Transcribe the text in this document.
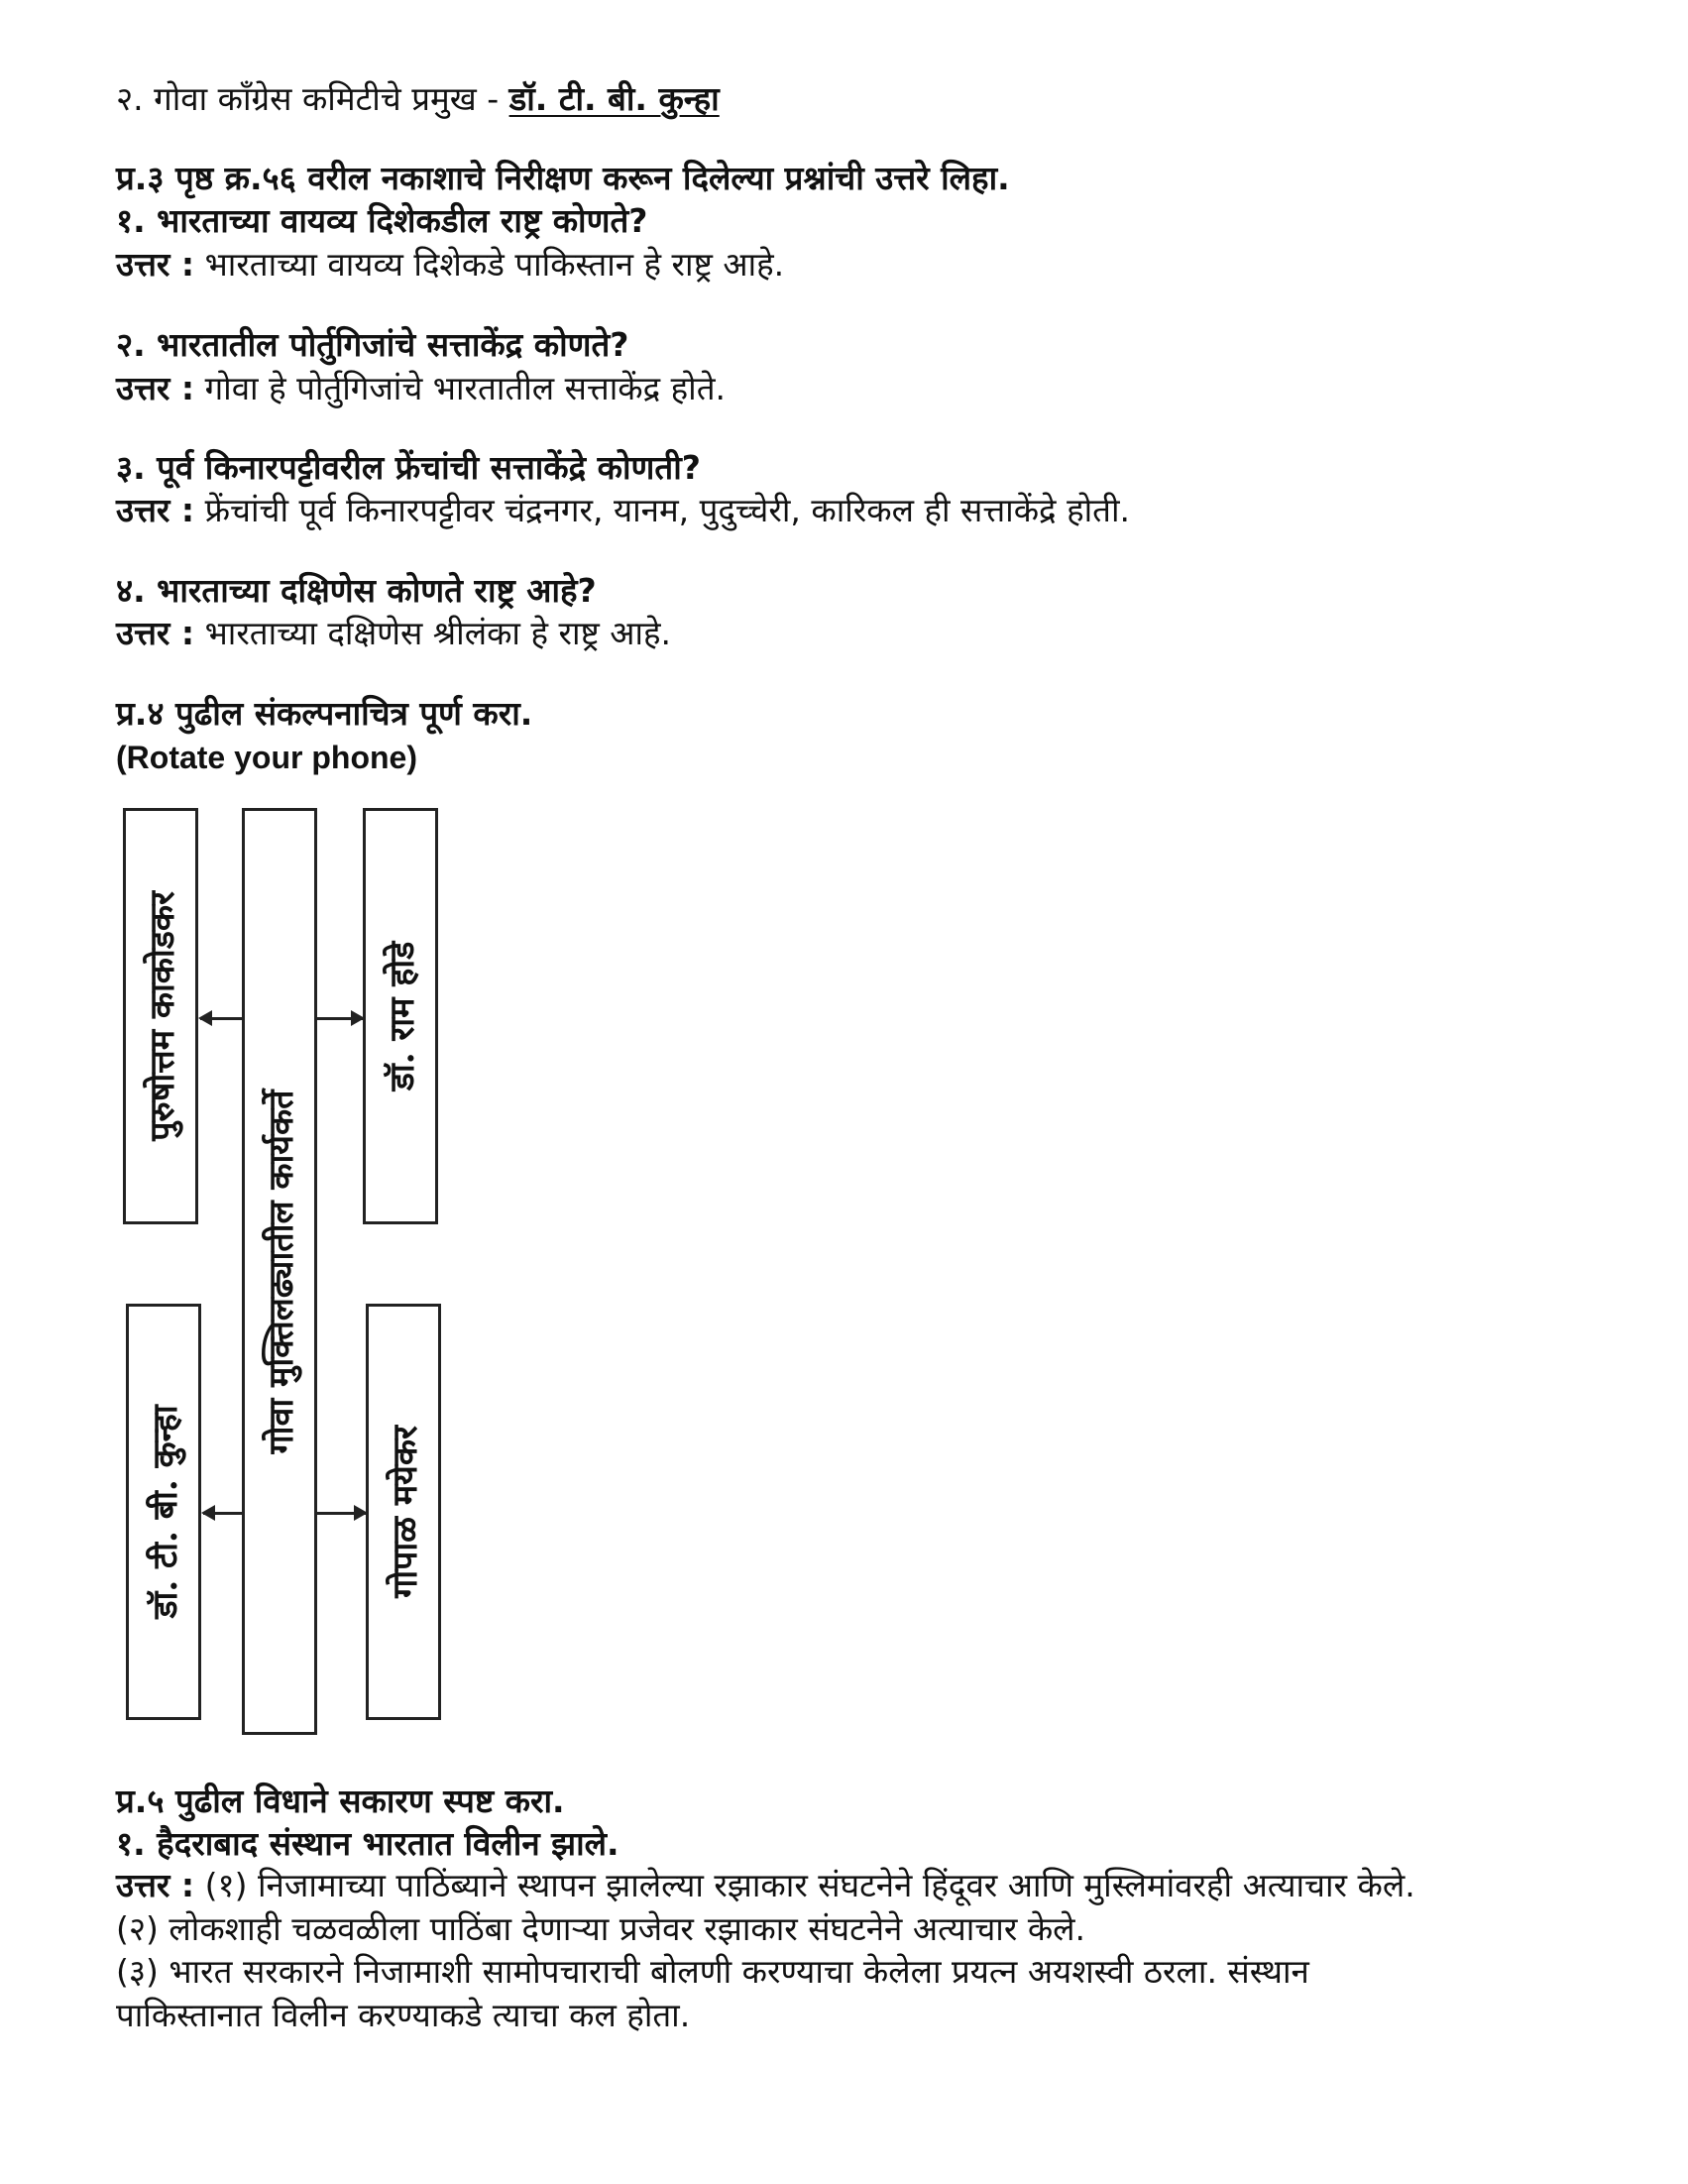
२. गोवा कॉंग्रेस कमिटीचे प्रमुख - डॉ. टी. बी. कुन्हा
प्र.३ पृष्ठ क्र.५६ वरील नकाशाचे निरीक्षण करून दिलेल्या प्रश्नांची उत्तरे लिहा.
१. भारताच्या वायव्य दिशेकडील राष्ट्र कोणते?
उत्तर : भारताच्या वायव्य दिशेकडे पाकिस्तान हे राष्ट्र आहे.
२. भारतातील पोर्तुगिजांचे सत्ताकेंद्र कोणते?
उत्तर : गोवा हे पोर्तुगिजांचे भारतातील सत्ताकेंद्र होते.
३. पूर्व किनारपट्टीवरील फ्रेंचांची सत्ताकेंद्रे कोणती?
उत्तर : फ्रेंचांची पूर्व किनारपट्टीवर चंद्रनगर, यानम, पुदुच्चेरी, कारिकल ही सत्ताकेंद्रे होती.
४. भारताच्या दक्षिणेस कोणते राष्ट्र आहे?
उत्तर : भारताच्या दक्षिणेस श्रीलंका हे राष्ट्र आहे.
प्र.४ पुढील संकल्पनाचित्र पूर्ण करा.
(Rotate your phone)
पुरुषोत्तम काकोडकर
गोवा मुक्तिलढ्यातील कार्यकर्ते
डॉ. राम होडे
डॉ. टी. बी. कुन्हा	गोपाळ मयेकर
प्र.५ पुढील विधाने सकारण स्पष्ट करा.
१. हैदराबाद संस्थान भारतात विलीन झाले.
उत्तर : (१) निजामाच्या पाठिंब्याने स्थापन झालेल्या रझाकार संघटनेने हिंदूवर आणि मुस्लिमांवरही अत्याचार केले.
(२) लोकशाही चळवळीला पाठिंबा देणाऱ्या प्रजेवर रझाकार संघटनेने अत्याचार केले.
(३) भारत सरकारने निजामाशी सामोपचाराची बोलणी करण्याचा केलेला प्रयत्न अयशस्वी ठरला. संस्थान
पाकिस्तानात विलीन करण्याकडे त्याचा कल होता.
